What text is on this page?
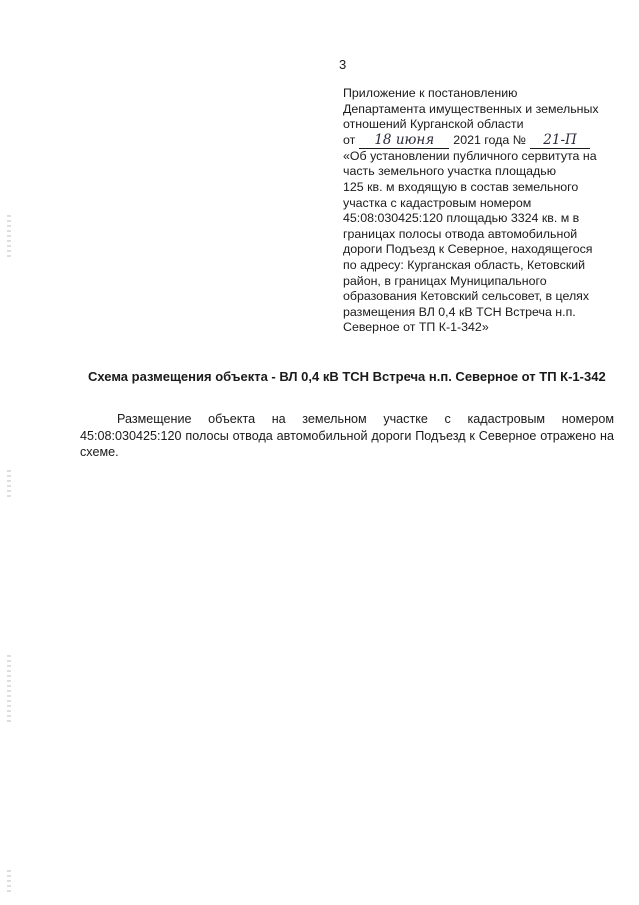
3
Приложение к постановлению
Департамента имущественных и земельных
отношений Курганской области
от	18 июня	2021 года №	21-П
«Об установлении публичного сервитута на
часть земельного участка площадью
125 кв. м входящую в состав земельного
участка с кадастровым номером
45:08:030425:120 площадью 3324 кв. м в
границах полосы отвода автомобильной
дороги Подъезд к Северное, находящегося
по адресу: Курганская область, Кетовский
район, в границах Муниципального
образования Кетовский сельсовет, в целях
размещения ВЛ 0,4 кВ ТСН Встреча н.п.
Северное от ТП К-1-342»
Схема размещения объекта - ВЛ 0,4 кВ ТСН Встреча н.п. Северное от ТП К-1-342
Размещение объекта на земельном участке с кадастровым номером 45:08:030425:120 полосы отвода автомобильной дороги Подъезд к Северное отражено на схеме.
